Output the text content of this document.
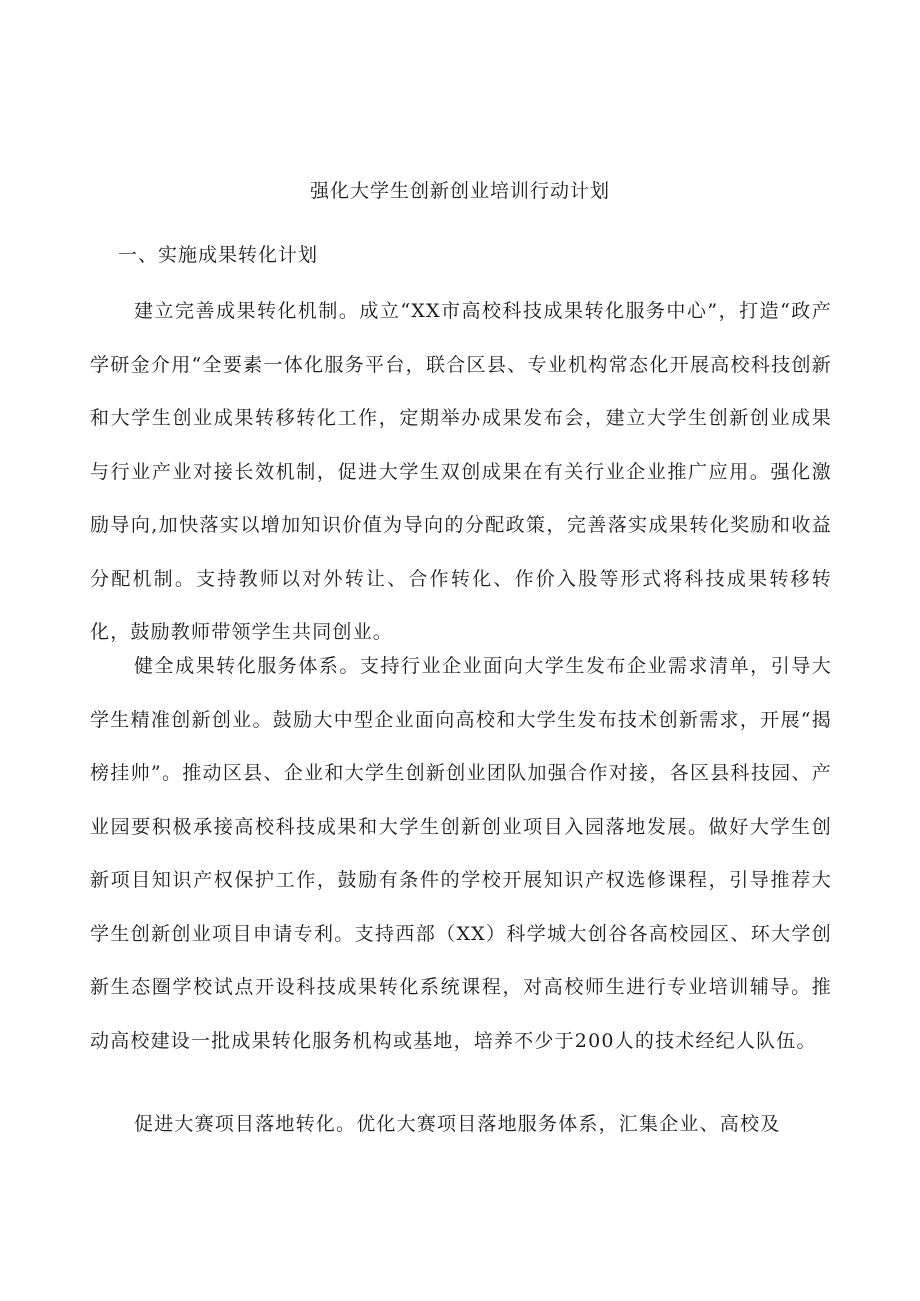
强化大学生创新创业培训行动计划
一、实施成果转化计划

建立完善成果转化机制。成立“XX市高校科技成果转化服务中心”，打造“政产学研金介用“全要素一体化服务平台，联合区县、专业机构常态化开展高校科技创新和大学生创业成果转移转化工作，定期举办成果发布会，建立大学生创新创业成果与行业产业对接长效机制，促进大学生双创成果在有关行业企业推广应用。强化激励导向,加快落实以增加知识价值为导向的分配政策，完善落实成果转化奖励和收益分配机制。支持教师以对外转让、合作转化、作价入股等形式将科技成果转移转化，鼓励教师带领学生共同创业。

健全成果转化服务体系。支持行业企业面向大学生发布企业需求清单，引导大学生精准创新创业。鼓励大中型企业面向高校和大学生发布技术创新需求，开展“揭榜挂帅”。推动区县、企业和大学生创新创业团队加强合作对接，各区县科技园、产业园要积极承接高校科技成果和大学生创新创业项目入园落地发展。做好大学生创新项目知识产权保护工作，鼓励有条件的学校开展知识产权选修课程，引导推荐大学生创新创业项目申请专利。支持西部（XX）科学城大创谷各高校园区、环大学创新生态圈学校试点开设科技成果转化系统课程，对高校师生进行专业培训辅导。推动高校建设一批成果转化服务机构或基地，培养不少于200人的技术经纪人队伍。

促进大赛项目落地转化。优化大赛项目落地服务体系，汇集企业、高校及
